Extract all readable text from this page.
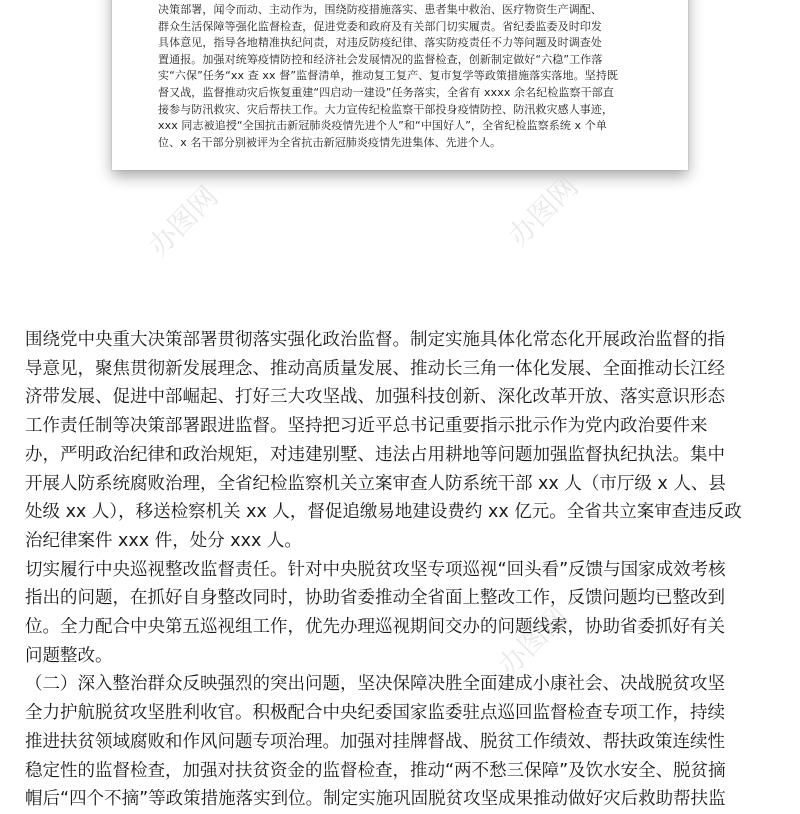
决策部署，闻令而动、主动作为，围绕防疫措施落实、患者集中救治、医疗物资生产调配、
群众生活保障等强化监督检查，促进党委和政府及有关部门切实履责。省纪委监委及时印发
具体意见，指导各地精准执纪问责，对违反防疫纪律、落实防疫责任不力等问题及时调查处
置通报。加强对统筹疫情防控和经济社会发展情况的监督检查，创新制定做好“六稳”工作落
实“六保”任务“xx 查 xx 督”监督清单，推动复工复产、复市复学等政策措施落实落地。坚持既
督又战，监督推动灾后恢复重建“四启动一建设”任务落实，全省有 xxxx 余名纪检监察干部直
接参与防汛救灾、灾后帮扶工作。大力宣传纪检监察干部投身疫情防控、防汛救灾感人事迹，
xxx 同志被追授“全国抗击新冠肺炎疫情先进个人”和“中国好人”，全省纪检监察系统 x 个单
位、x 名干部分别被评为全省抗击新冠肺炎疫情先进集体、先进个人。
办图网	办图网
办图网
围绕党中央重大决策部署贯彻落实强化政治监督。制定实施具体化常态化开展政治监督的指
导意见，聚焦贯彻新发展理念、推动高质量发展、推动长三角一体化发展、全面推动长江经
济带发展、促进中部崛起、打好三大攻坚战、加强科技创新、深化改革开放、落实意识形态
工作责任制等决策部署跟进监督。坚持把习近平总书记重要指示批示作为党内政治要件来
办，严明政治纪律和政治规矩，对违建别墅、违法占用耕地等问题加强监督执纪执法。集中
开展人防系统腐败治理，全省纪检监察机关立案审查人防系统干部 xx 人（市厅级 x 人、县
处级 xx 人），移送检察机关 xx 人，督促追缴易地建设费约 xx 亿元。全省共立案审查违反政
治纪律案件 xxx 件，处分 xxx 人。
切实履行中央巡视整改监督责任。针对中央脱贫攻坚专项巡视“回头看”反馈与国家成效考核
指出的问题，在抓好自身整改同时，协助省委推动全省面上整改工作，反馈问题均已整改到
位。全力配合中央第五巡视组工作，优先办理巡视期间交办的问题线索，协助省委抓好有关
问题整改。
（二）深入整治群众反映强烈的突出问题，坚决保障决胜全面建成小康社会、决战脱贫攻坚
全力护航脱贫攻坚胜利收官。积极配合中央纪委国家监委驻点巡回监督检查专项工作，持续
推进扶贫领域腐败和作风问题专项治理。加强对挂牌督战、脱贫工作绩效、帮扶政策连续性
稳定性的监督检查，加强对扶贫资金的监督检查，推动“两不愁三保障”及饮水安全、脱贫摘
帽后“四个不摘”等政策措施落实到位。制定实施巩固脱贫攻坚成果推动做好灾后救助帮扶监
